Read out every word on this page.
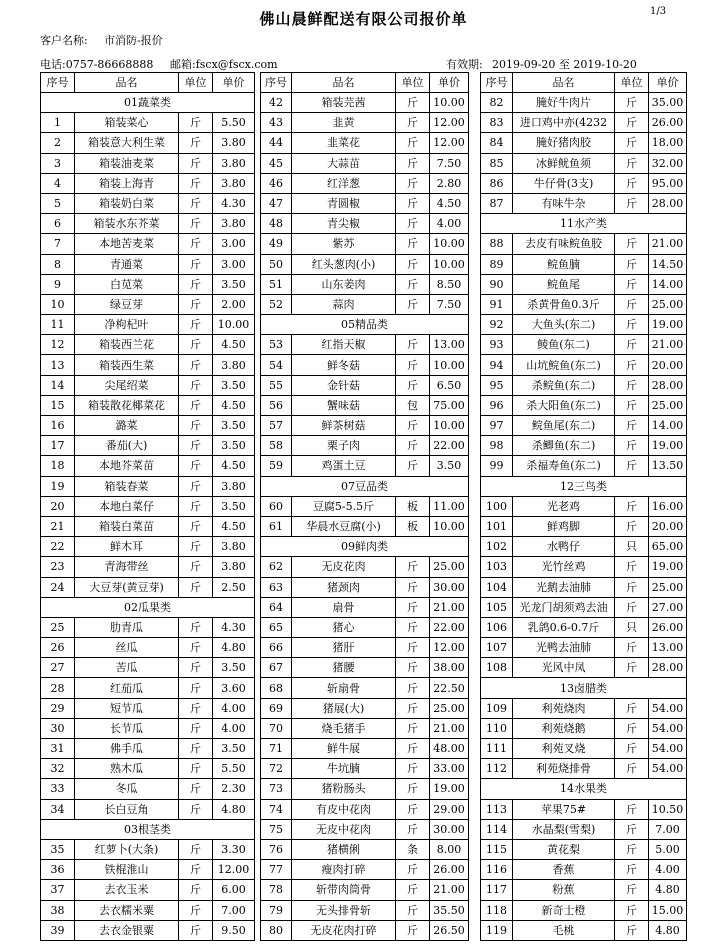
佛山晨鲜配送有限公司报价单	1/3
客户名称: 市消防-报价
电话:0757-86668888 邮箱:fscx@fscx.com	有效期: 2019-09-20 至 2019-10-20
序号	品名	单位	单价
01蔬菜类			
1	箱装菜心	斤	5.50
2	箱装意大利生菜	斤	3.80
3	箱装油麦菜	斤	3.80
4	箱装上海青	斤	3.80
5	箱装奶白菜	斤	4.30
6	箱装水东芥菜	斤	3.80
7	本地苦麦菜	斤	3.00
8	青通菜	斤	3.00
9	白苋菜	斤	3.50
10	绿豆芽	斤	2.00
11	净枸杞叶	斤	10.00
12	箱装西兰花	斤	4.50
13	箱装西生菜	斤	3.80
14	尖尾绍菜	斤	3.50
15	箱装散花椰菜花	斤	4.50
16	潞菜	斤	3.50
17	番茄(大)	斤	3.50
18	本地芥菜苗	斤	4.50
19	箱装春菜	斤	3.80
20	本地白菜仔	斤	3.50
21	箱装白菜苗	斤	4.50
22	鲜木耳	斤	3.80
23	青海带丝	斤	3.80
24	大豆芽(黄豆芽)	斤	2.50
02瓜果类			
25	肋青瓜	斤	4.30
26	丝瓜	斤	4.80
27	苦瓜	斤	3.50
28	红茄瓜	斤	3.60
29	短节瓜	斤	4.00
30	长节瓜	斤	4.00
31	佛手瓜	斤	3.50
32	熟木瓜	斤	5.50
33	冬瓜	斤	2.30
34	长白豆角	斤	4.80
03根茎类			
35	红萝卜(大条)	斤	3.30
36	铁棍淮山	斤	12.00
37	去衣玉米	斤	6.00
38	去衣糯米粟	斤	7.00
39	去衣金银粟	斤	9.50
序号	品名	单位	单价
42	箱装芫茜	斤	10.00
43	韭黄	斤	12.00
44	韭菜花	斤	12.00
45	大蒜苗	斤	7.50
46	红洋葱	斤	2.80
47	青圆椒	斤	4.50
48	青尖椒	斤	4.00
49	紫苏	斤	10.00
50	红头葱肉(小)	斤	10.00
51	山东姜肉	斤	8.50
52	蒜肉	斤	7.50
05精品类			
53	红指天椒	斤	13.00
54	鲜冬菇	斤	10.00
55	金针菇	斤	6.50
56	蟹味菇	包	75.00
57	鲜茶树菇	斤	10.00
58	栗子肉	斤	22.00
59	鸡蛋土豆	斤	3.50
07豆品类			
60	豆腐5-5.5斤	板	11.00
61	华晨水豆腐(小)	板	10.00
09鲜肉类			
62	无皮花肉	斤	25.00
63	猪颈肉	斤	30.00
64	扇骨	斤	21.00
65	猪心	斤	22.00
66	猪肝	斤	12.00
67	猪腰	斤	38.00
68	斩扇骨	斤	22.50
69	猪展(大)	斤	25.00
70	烧毛猪手	斤	21.00
71	鲜牛展	斤	48.00
72	牛坑腩	斤	33.00
73	猪粉肠头	斤	19.00
74	有皮中花肉	斤	29.00
75	无皮中花肉	斤	30.00
76	猪横俐	条	8.00
77	瘦肉打碎	斤	26.00
78	斩带肉筒骨	斤	21.00
79	无头排骨斩	斤	35.50
80	无皮花肉打碎	斤	26.50
序号	品名	单位	单价
82	腌好牛肉片	斤	35.00
83	进口鸡中亦(4232	斤	26.00
84	腌好猪肉胶	斤	18.00
85	冰鲜鱿鱼须	斤	32.00
86	牛仔骨(3支)	斤	95.00
87	有味牛杂	斤	28.00
11水产类			
88	去皮有味鲩鱼胶	斤	21.00
89	鲩鱼腩	斤	14.50
90	鲩鱼尾	斤	14.00
91	杀黄骨鱼0.3斤	斤	25.00
92	大鱼头(东二)	斤	19.00
93	鲮鱼(东二)	斤	21.00
94	山坑鲩鱼(东二)	斤	20.00
95	杀鲩鱼(东二)	斤	28.00
96	杀大阳鱼(东二)	斤	25.00
97	鲩鱼尾(东二)	斤	14.00
98	杀鲫鱼(东二)	斤	19.00
99	杀福寿鱼(东二)	斤	13.50
12三鸟类			
100	光老鸡	斤	16.00
101	鲜鸡脚	斤	20.00
102	水鸭仔	只	65.00
103	光竹丝鸡	斤	19.00
104	光鹅去油肺	斤	25.00
105	光龙门胡须鸡去油	斤	27.00
106	乳鸽0.6-0.7斤	只	26.00
107	光鸭去油肺	斤	13.00
108	光风中凤	斤	28.00
13卤腊类			
109	利苑烧肉	斤	54.00
110	利苑烧鹅	斤	54.00
111	利苑叉烧	斤	54.00
112	利苑烧排骨	斤	54.00
14水果类			
113	苹果75#	斤	10.50
114	水晶梨(雪梨)	斤	7.00
115	黄花梨	斤	5.00
116	香蕉	斤	4.00
117	粉蕉	斤	4.80
118	新奇士橙	斤	15.00
119	毛桃	斤	4.80
